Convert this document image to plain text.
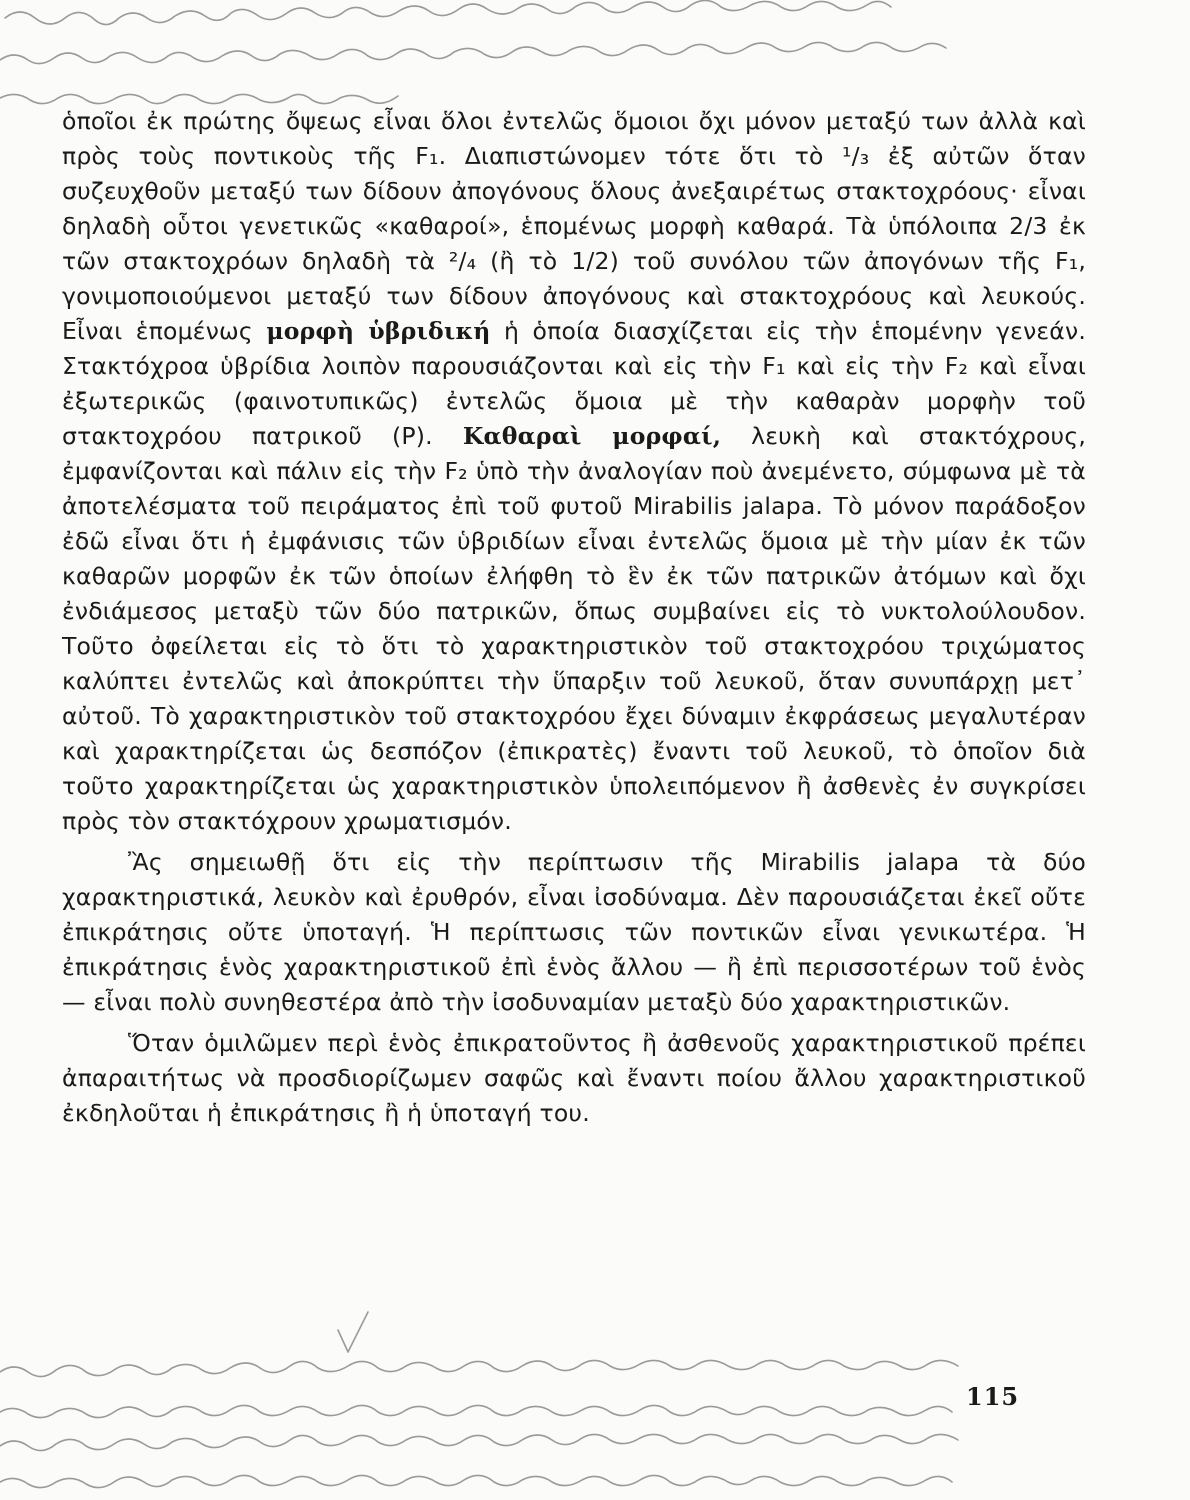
ὁποῖοι ἐκ πρώτης ὄψεως εἶναι ὅλοι ἐντελῶς ὅμοιοι ὄχι μόνον μεταξύ των ἀλλὰ καὶ πρὸς τοὺς ποντικοὺς τῆς F₁. Διαπιστώνομεν τότε ὅτι τὸ ¹/₃ ἐξ αὐτῶν ὅταν συζευχθοῦν μεταξύ των δίδουν ἀπογόνους ὅλους ἀνεξαιρέτως στακτοχρόους· εἶναι δηλαδὴ οὗτοι γενετικῶς «καθαροί», ἑπομένως μορφὴ καθαρά. Τὰ ὑπόλοιπα 2/3 ἐκ τῶν στακτοχρόων δηλαδὴ τὰ ²/₄ (ἢ τὸ 1/2) τοῦ συνόλου τῶν ἀπογόνων τῆς F₁, γονιμοποιούμενοι μεταξύ των δίδουν ἀπογόνους καὶ στακτοχρόους καὶ λευκούς. Εἶναι ἑπομένως μορφὴ ὑβριδική ἡ ὁποία διασχίζεται εἰς τὴν ἑπομένην γενεάν. Στακτόχροα ὑβρίδια λοιπὸν παρουσιάζονται καὶ εἰς τὴν F₁ καὶ εἰς τὴν F₂ καὶ εἶναι ἐξωτερικῶς (φαινοτυπικῶς) ἐντελῶς ὅμοια μὲ τὴν καθαρὰν μορφὴν τοῦ στακτοχρόου πατρικοῦ (P). Καθαραὶ μορφαί, λευκὴ καὶ στακτόχρους, ἐμφανίζονται καὶ πάλιν εἰς τὴν F₂ ὑπὸ τὴν ἀναλογίαν ποὺ ἀνεμένετο, σύμφωνα μὲ τὰ ἀποτελέσματα τοῦ πειράματος ἐπὶ τοῦ φυτοῦ Mirabilis jalapa. Τὸ μόνον παράδοξον ἐδῶ εἶναι ὅτι ἡ ἐμφάνισις τῶν ὑβριδίων εἶναι ἐντελῶς ὅμοια μὲ τὴν μίαν ἐκ τῶν καθαρῶν μορφῶν ἐκ τῶν ὁποίων ἐλήφθη τὸ ἓν ἐκ τῶν πατρικῶν ἀτόμων καὶ ὄχι ἐνδιάμεσος μεταξὺ τῶν δύο πατρικῶν, ὅπως συμβαίνει εἰς τὸ νυκτολούλουδον. Τοῦτο ὀφείλεται εἰς τὸ ὅτι τὸ χαρακτηριστικὸν τοῦ στακτοχρόου τριχώματος καλύπτει ἐντελῶς καὶ ἀποκρύπτει τὴν ὕπαρξιν τοῦ λευκοῦ, ὅταν συνυπάρχῃ μετ᾽ αὐτοῦ. Τὸ χαρακτηριστικὸν τοῦ στακτοχρόου ἔχει δύναμιν ἐκφράσεως μεγαλυτέραν καὶ χαρακτηρίζεται ὡς δεσπόζον (ἐπικρατὲς) ἔναντι τοῦ λευκοῦ, τὸ ὁποῖον διὰ τοῦτο χαρακτηρίζεται ὡς χαρακτηριστικὸν ὑπολειπόμενον ἢ ἀσθενὲς ἐν συγκρίσει πρὸς τὸν στακτόχρουν χρωματισμόν.

Ἂς σημειωθῇ ὅτι εἰς τὴν περίπτωσιν τῆς Mirabilis jalapa τὰ δύο χαρακτηριστικά, λευκὸν καὶ ἐρυθρόν, εἶναι ἰσοδύναμα. Δὲν παρουσιάζεται ἐκεῖ οὔτε ἐπικράτησις οὔτε ὑποταγή. Ἡ περίπτωσις τῶν ποντικῶν εἶναι γενικωτέρα. Ἡ ἐπικράτησις ἑνὸς χαρακτηριστικοῦ ἐπὶ ἑνὸς ἄλλου — ἢ ἐπὶ περισσοτέρων τοῦ ἑνὸς — εἶναι πολὺ συνηθεστέρα ἀπὸ τὴν ἰσοδυναμίαν μεταξὺ δύο χαρακτηριστικῶν.

Ὅταν ὁμιλῶμεν περὶ ἑνὸς ἐπικρατοῦντος ἢ ἀσθενοῦς χαρακτηριστικοῦ πρέπει ἀπαραιτήτως νὰ προσδιορίζωμεν σαφῶς καὶ ἔναντι ποίου ἄλλου χαρακτηριστικοῦ ἐκδηλοῦται ἡ ἐπικράτησις ἢ ἡ ὑποταγή του.

115
